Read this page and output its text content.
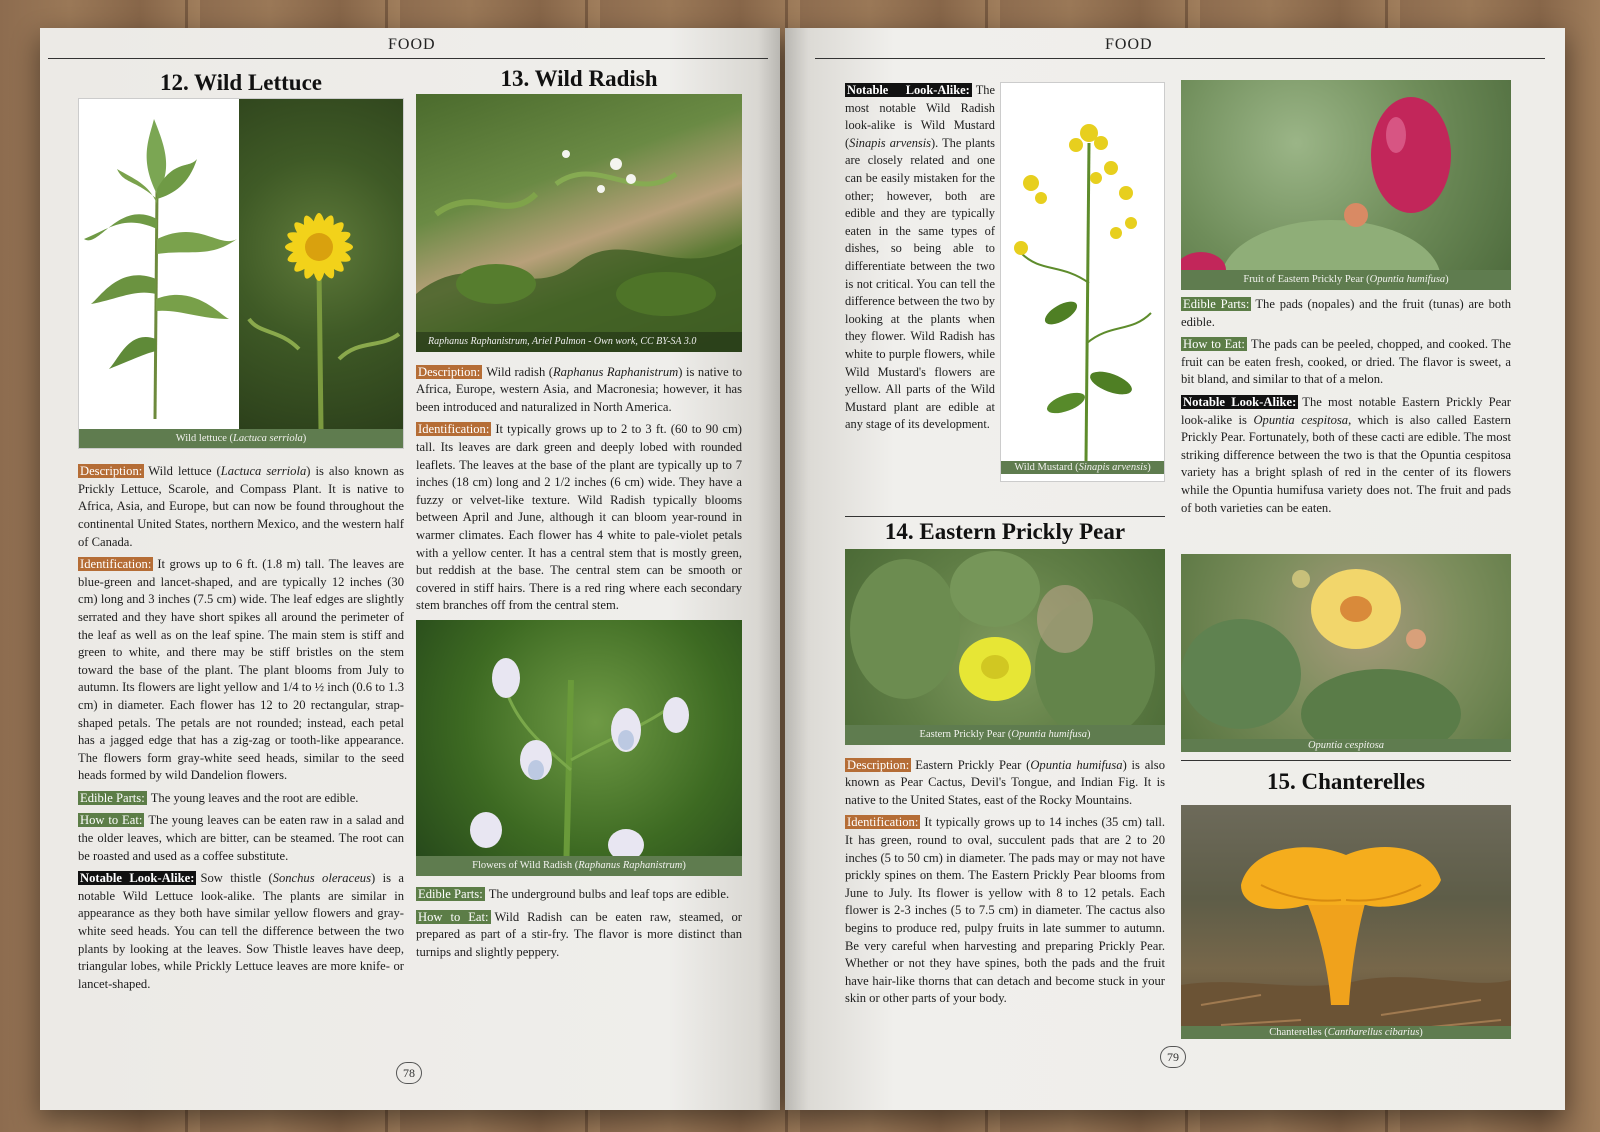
FOOD
12. Wild Lettuce
Wild lettuce (Lactuca serriola)

Description: Wild lettuce (Lactuca serriola) is also known as Prickly Lettuce, Scarole, and Compass Plant. It is native to Africa, Asia, and Europe, but can now be found throughout the continental United States, northern Mexico, and the western half of Canada.

Identification: It grows up to 6 ft. (1.8 m) tall. The leaves are blue-green and lancet-shaped, and are typically 12 inches (30 cm) long and 3 inches (7.5 cm) wide. The leaf edges are slightly serrated and they have short spikes all around the perimeter of the leaf as well as on the leaf spine. The main stem is stiff and green to white, and there may be stiff bristles on the stem toward the base of the plant. The plant blooms from July to autumn. Its flowers are light yellow and 1/4 to ½ inch (0.6 to 1.3 cm) in diameter. Each flower has 12 to 20 rectangular, strap-shaped petals. The petals are not rounded; instead, each petal has a jagged edge that has a zig-zag or tooth-like appearance. The flowers form gray-white seed heads, similar to the seed heads formed by wild Dandelion flowers.

Edible Parts: The young leaves and the root are edible.

How to Eat: The young leaves can be eaten raw in a salad and the older leaves, which are bitter, can be steamed. The root can be roasted and used as a coffee substitute.

Notable Look-Alike: Sow thistle (Sonchus oleraceus) is a notable Wild Lettuce look-alike. The plants are similar in appearance as they both have similar yellow flowers and gray-white seed heads. You can tell the difference between the two plants by looking at the leaves. Sow Thistle leaves have deep, triangular lobes, while Prickly Lettuce leaves are more knife- or lancet-shaped.

13. Wild Radish
Raphanus Raphanistrum, Ariel Palmon - Own work, CC BY-SA 3.0

Description: Wild radish (Raphanus Raphanistrum) is native to Africa, Europe, western Asia, and Macronesia; however, it has been introduced and naturalized in North America.

Identification: It typically grows up to 2 to 3 ft. (60 to 90 cm) tall. Its leaves are dark green and deeply lobed with rounded leaflets. The leaves at the base of the plant are typically up to 7 inches (18 cm) long and 2 1/2 inches (6 cm) wide. They have a fuzzy or velvet-like texture. Wild Radish typically blooms between April and June, although it can bloom year-round in warmer climates. Each flower has 4 white to pale-violet petals with a yellow center. It has a central stem that is mostly green, but reddish at the base. The central stem can be smooth or covered in stiff hairs. There is a red ring where each secondary stem branches off from the central stem.

Flowers of Wild Radish (Raphanus Raphanistrum)

Edible Parts: The underground bulbs and leaf tops are edible.

How to Eat: Wild Radish can be eaten raw, steamed, or prepared as part of a stir-fry. The flavor is more distinct than turnips and slightly peppery.

78
FOOD

Notable Look-Alike: The most notable Wild Radish look-alike is Wild Mustard (Sinapis arvensis). The plants are closely related and one can be easily mistaken for the other; however, both are edible and they are typically eaten in the same types of dishes, so being able to differentiate between the two is not critical. You can tell the difference between the two by looking at the plants when they flower. Wild Radish has white to purple flowers, while Wild Mustard's flowers are yellow. All parts of the Wild Mustard plant are edible at any stage of its development.

Wild Mustard (Sinapis arvensis)
Fruit of Eastern Prickly Pear (Opuntia humifusa)

Edible Parts: The pads (nopales) and the fruit (tunas) are both edible.

How to Eat: The pads can be peeled, chopped, and cooked. The fruit can be eaten fresh, cooked, or dried. The flavor is sweet, a bit bland, and similar to that of a melon.

Notable Look-Alike: The most notable Eastern Prickly Pear look-alike is Opuntia cespitosa, which is also called Eastern Prickly Pear. Fortunately, both of these cacti are edible. The most striking difference between the two is that the Opuntia cespitosa variety has a bright splash of red in the center of its flowers while the Opuntia humifusa variety does not. The fruit and pads of both varieties can be eaten.

14. Eastern Prickly Pear
Eastern Prickly Pear (Opuntia humifusa)

Description: Eastern Prickly Pear (Opuntia humifusa) is also known as Pear Cactus, Devil's Tongue, and Indian Fig. It is native to the United States, east of the Rocky Mountains.

Identification: It typically grows up to 14 inches (35 cm) tall. It has green, round to oval, succulent pads that are 2 to 20 inches (5 to 50 cm) in diameter. The pads may or may not have prickly spines on them. The Eastern Prickly Pear blooms from June to July. Its flower is yellow with 8 to 12 petals. Each flower is 2-3 inches (5 to 7.5 cm) in diameter. The cactus also begins to produce red, pulpy fruits in late summer to autumn. Be very careful when harvesting and preparing Prickly Pear. Whether or not they have spines, both the pads and the fruit have hair-like thorns that can detach and become stuck in your skin or other parts of your body.

Opuntia cespitosa
15. Chanterelles
Chanterelles (Cantharellus cibarius)
79
